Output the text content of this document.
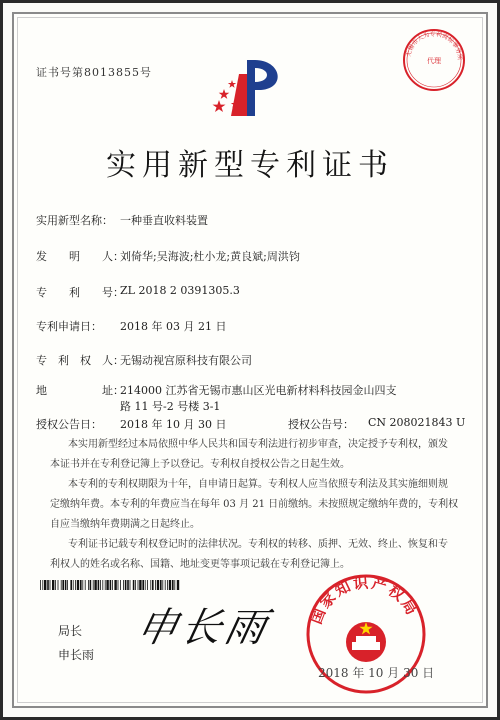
证书号第8013855号
无锡市大为专利商标事务所
代理
实用新型专利证书
实用新型名称： 一种垂直收料装置
发　　明　　人：
刘倚华;吴海波;杜小龙;黄良斌;周洪钧
专　　利　　号：
ZL 2018 2 0391305.3
专利申请日： 2018 年 03 月 21 日
专　利　权　人：
无锡动视宫原科技有限公司
地　　　　　址：
214000 江苏省无锡市惠山区光电新材料科技园金山四支
路 11 号-2 号楼 3-1
授权公告日： 2018 年 10 月 30 日	授权公告号： CN 208021843 U
本实用新型经过本局依照中华人民共和国专利法进行初步审查，决定授予专利权，颁发
本证书并在专利登记簿上予以登记。专利权自授权公告之日起生效。
本专利的专利权期限为十年，自申请日起算。专利权人应当依照专利法及其实施细则规
定缴纳年费。本专利的年费应当在每年 03 月 21 日前缴纳。未按照规定缴纳年费的，专利权
自应当缴纳年费期满之日起终止。
专利证书记载专利权登记时的法律状况。专利权的转移、质押、无效、终止、恢复和专
利权人的姓名或名称、国籍、地址变更等事项记载在专利登记簿上。
局长
申长雨
申长雨 国家知识产权局
2018 年 10 月 30 日
